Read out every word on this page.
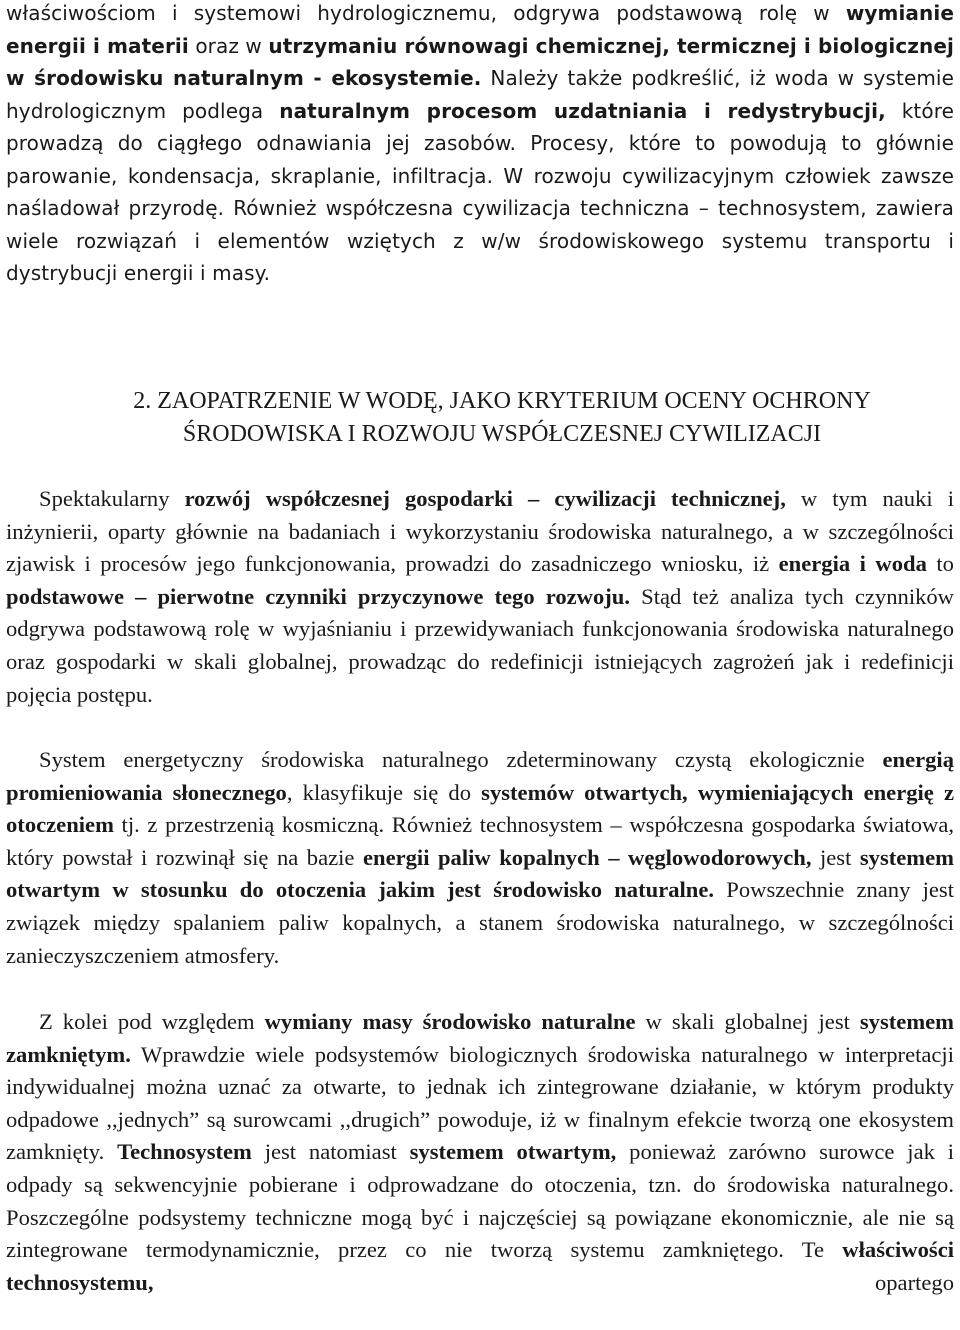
właściwościom i systemowi hydrologicznemu, odgrywa podstawową rolę w wymianie energii i materii oraz w utrzymaniu równowagi chemicznej, termicznej i biologicznej w środowisku naturalnym - ekosystemie. Należy także podkreślić, iż woda w systemie hydrologicznym podlega naturalnym procesom uzdatniania i redystrybucji, które prowadzą do ciągłego odnawiania jej zasobów. Procesy, które to powodują to głównie parowanie, kondensacja, skraplanie, infiltracja. W rozwoju cywilizacyjnym człowiek zawsze naśladował przyrodę. Również współczesna cywilizacja techniczna – technosystem, zawiera wiele rozwiązań i elementów wziętych z w/w środowiskowego systemu transportu i dystrybucji energii i masy.

2. ZAOPATRZENIE W WODĘ, JAKO KRYTERIUM OCENY OCHRONY
ŚRODOWISKA I ROZWOJU WSPÓŁCZESNEJ CYWILIZACJI

Spektakularny rozwój współczesnej gospodarki – cywilizacji technicznej, w tym nauki i inżynierii, oparty głównie na badaniach i wykorzystaniu środowiska naturalnego, a w szczególności zjawisk i procesów jego funkcjonowania, prowadzi do zasadniczego wniosku, iż energia i woda to podstawowe – pierwotne czynniki przyczynowe tego rozwoju. Stąd też analiza tych czynników odgrywa podstawową rolę w wyjaśnianiu i przewidywaniach funkcjonowania środowiska naturalnego oraz gospodarki w skali globalnej, prowadząc do redefinicji istniejących zagrożeń jak i redefinicji pojęcia postępu.

System energetyczny środowiska naturalnego zdeterminowany czystą ekologicznie energią promieniowania słonecznego, klasyfikuje się do systemów otwartych, wymieniających energię z otoczeniem tj. z przestrzenią kosmiczną. Również technosystem – współczesna gospodarka światowa, który powstał i rozwinął się na bazie energii paliw kopalnych – węglowodorowych, jest systemem otwartym w stosunku do otoczenia jakim jest środowisko naturalne. Powszechnie znany jest związek między spalaniem paliw kopalnych, a stanem środowiska naturalnego, w szczególności zanieczyszczeniem atmosfery.

Z kolei pod względem wymiany masy środowisko naturalne w skali globalnej jest systemem zamkniętym. Wprawdzie wiele podsystemów biologicznych środowiska naturalnego w interpretacji indywidualnej można uznać za otwarte, to jednak ich zintegrowane działanie, w którym produkty odpadowe ,,jednych” są surowcami ,,drugich” powoduje, iż w finalnym efekcie tworzą one ekosystem zamknięty. Technosystem jest natomiast systemem otwartym, ponieważ zarówno surowce jak i odpady są sekwencyjnie pobierane i odprowadzane do otoczenia, tzn. do środowiska naturalnego. Poszczególne podsystemy techniczne mogą być i najczęściej są powiązane ekonomicznie, ale nie są zintegrowane termodynamicznie, przez co nie tworzą systemu zamkniętego. Te właściwości technosystemu, opartego
